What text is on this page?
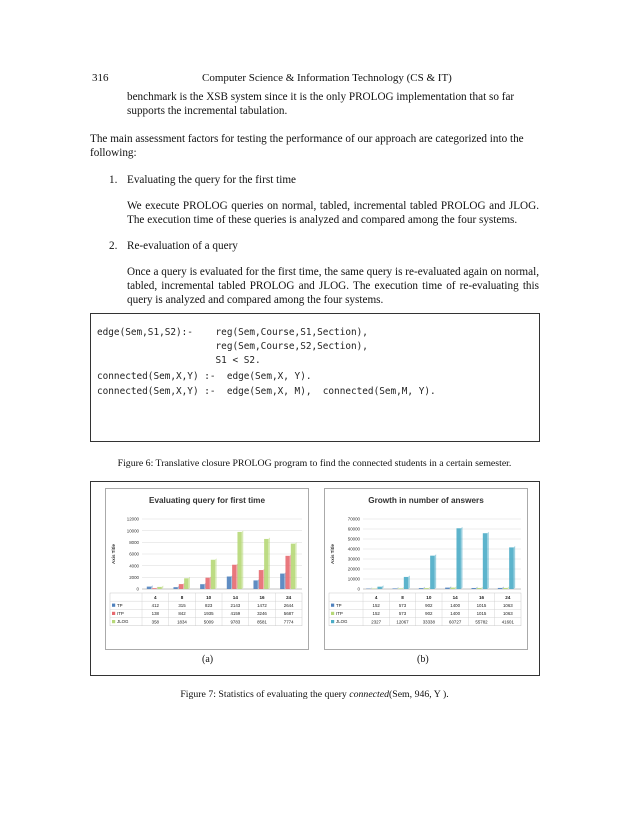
316	Computer Science & Information Technology (CS & IT)
benchmark is the XSB system since it is the only PROLOG implementation that so far
supports the incremental tabulation.
The main assessment factors for testing the performance of our approach are categorized into the following:
1. Evaluating the query for the first time
We execute PROLOG queries on normal, tabled, incremental tabled PROLOG and JLOG. The execution time of these queries is analyzed and compared among the four systems.
2. Re-evaluation of a query
Once a query is evaluated for the first time, the same query is re-evaluated again on normal, tabled, incremental tabled PROLOG and JLOG. The execution time of re-evaluating this query is analyzed and compared among the four systems.
edge(Sem,S1,S2):-    reg(Sem,Course,S1,Section),
reg(Sem,Course,S2,Section),
S1 < S2.
connected(Sem,X,Y) :-  edge(Sem,X, Y).
connected(Sem,X,Y) :-  edge(Sem,X, M),  connected(Sem,M, Y).
Figure 6: Translative closure PROLOG program to find the connected students in a certain semester.
Evaluating query for first time
Axis Title
0
2000
4000
6000
8000
10000
12000
4	8	10	14	16	24
TP	412	315	823	2143	1472	2644
ITP	138	842	1935	4159	3246	5687
JLOG	358	1834	5009	9783	8581	7774
Growth in number of answers
Axis Title
0
10000
20000
30000
40000
50000
60000
70000
4	8	10	14	16	24
TP	152	573	902	1400	1015	1063
ITP	152	573	902	1400	1015	1063
JLOG	2327	12067	33338	60727	55782	41601
(a)	(b)
Figure 7: Statistics of evaluating the query connected(Sem, 946, Y ).
